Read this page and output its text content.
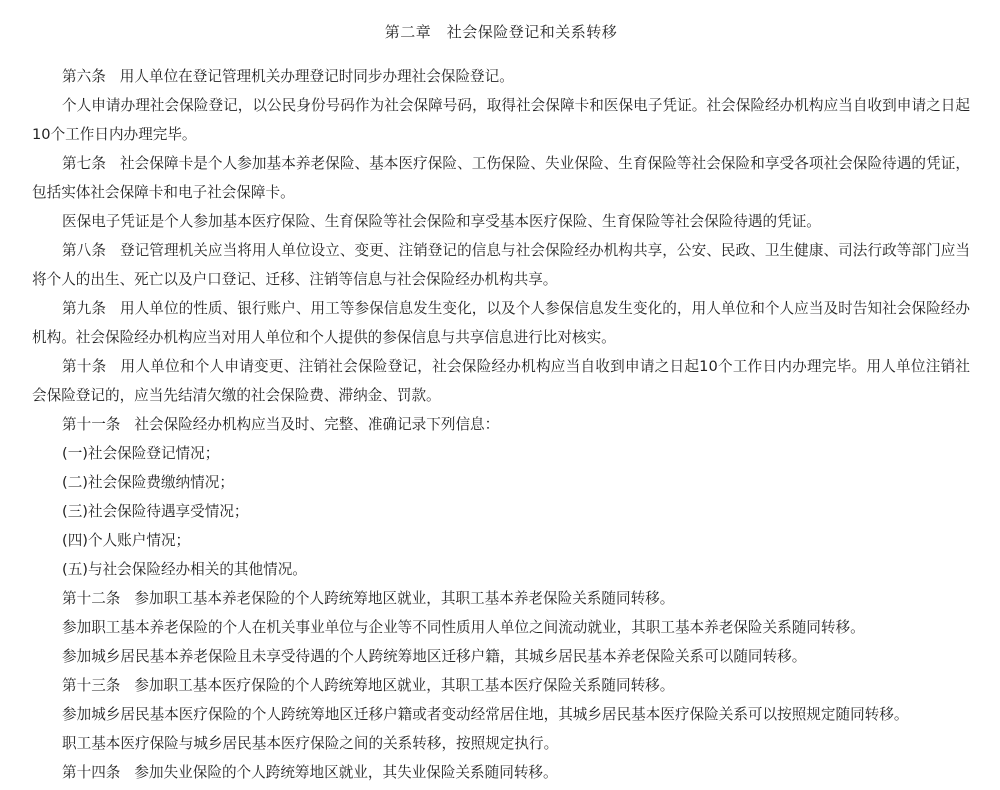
第二章　社会保险登记和关系转移

第六条 用人单位在登记管理机关办理登记时同步办理社会保险登记。

个人申请办理社会保险登记，以公民身份号码作为社会保障号码，取得社会保障卡和医保电子凭证。社会保险经办机构应当自收到申请之日起10个工作日内办理完毕。

第七条 社会保障卡是个人参加基本养老保险、基本医疗保险、工伤保险、失业保险、生育保险等社会保险和享受各项社会保险待遇的凭证，包括实体社会保障卡和电子社会保障卡。

医保电子凭证是个人参加基本医疗保险、生育保险等社会保险和享受基本医疗保险、生育保险等社会保险待遇的凭证。

第八条 登记管理机关应当将用人单位设立、变更、注销登记的信息与社会保险经办机构共享，公安、民政、卫生健康、司法行政等部门应当将个人的出生、死亡以及户口登记、迁移、注销等信息与社会保险经办机构共享。

第九条 用人单位的性质、银行账户、用工等参保信息发生变化，以及个人参保信息发生变化的，用人单位和个人应当及时告知社会保险经办机构。社会保险经办机构应当对用人单位和个人提供的参保信息与共享信息进行比对核实。

第十条 用人单位和个人申请变更、注销社会保险登记，社会保险经办机构应当自收到申请之日起10个工作日内办理完毕。用人单位注销社会保险登记的，应当先结清欠缴的社会保险费、滞纳金、罚款。

第十一条 社会保险经办机构应当及时、完整、准确记录下列信息：

(一)社会保险登记情况；

(二)社会保险费缴纳情况；

(三)社会保险待遇享受情况；

(四)个人账户情况；

(五)与社会保险经办相关的其他情况。

第十二条 参加职工基本养老保险的个人跨统筹地区就业，其职工基本养老保险关系随同转移。

参加职工基本养老保险的个人在机关事业单位与企业等不同性质用人单位之间流动就业，其职工基本养老保险关系随同转移。

参加城乡居民基本养老保险且未享受待遇的个人跨统筹地区迁移户籍，其城乡居民基本养老保险关系可以随同转移。

第十三条 参加职工基本医疗保险的个人跨统筹地区就业，其职工基本医疗保险关系随同转移。

参加城乡居民基本医疗保险的个人跨统筹地区迁移户籍或者变动经常居住地，其城乡居民基本医疗保险关系可以按照规定随同转移。

职工基本医疗保险与城乡居民基本医疗保险之间的关系转移，按照规定执行。

第十四条 参加失业保险的个人跨统筹地区就业，其失业保险关系随同转移。
